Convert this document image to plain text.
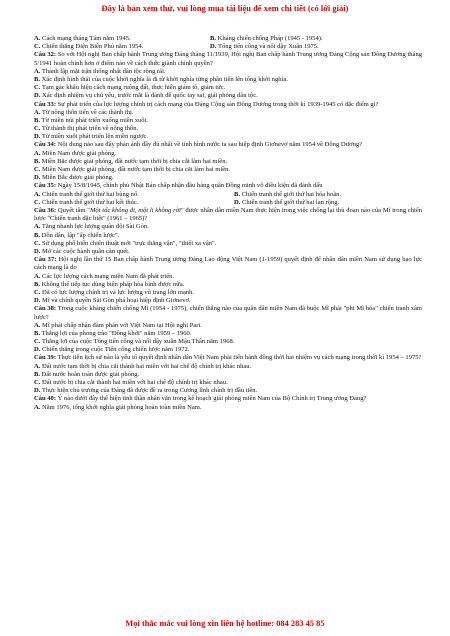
Đây là bản xem thử, vui lòng mua tài liệu để xem chi tiết (có lời giải)
A. Cách mạng tháng Tám năm 1945.	B. Kháng chiến chống Pháp (1945 - 1954).
C. Chiến thắng Điện Biên Phủ năm 1954.	D. Tổng tiến công và nổi dậy Xuân 1975.
Câu 32: So với Hội nghị Ban chấp hành Trung ương Đảng tháng 11/1939, Hội nghị Ban chấp hành Trung ương Đảng Cộng sản Đông Dương tháng 5/1941 hoàn chỉnh hơn ở điểm nào về cách thức giành chính quyền?
A. Thành lập mặt trận thống nhất dân tộc rộng rãi.
B. Xác định hình thái của cuộc khởi nghĩa là đi từ khởi nghĩa từng phần tiến lên tổng khởi nghĩa.
C. Tạm gác khẩu hiệu cách mạng ruộng đất, thực hiện giảm tô, giảm tức.
D. Xác định nhiệm vụ chủ yếu, trước mắt là đánh đế quốc tay sai, giải phóng dân tộc.
Câu 33: Sự phát triển của lực lượng chính trị cách mạng của Đảng Cộng sản Đông Dương trong thời kì 1939-1945 có đặc điểm gì?
A. Từ nông thôn tiến về các thành thị.
B. Từ miền núi phát triển xuống miền xuôi.
C. Từ thành thị phát triển về nông thôn.
D. Từ miền xuôi phát triển lên miền ngược.
Câu 34: Nội dung nào sau đây phản ánh đầy đủ nhất về tình hình nước ta sau hiệp định Giơnevơ năm 1954 về Đông Dương?
A. Miền Nam được giải phóng.
B. Miền Bắc được giải phóng, đất nước tạm thời bị chia cắt làm hai miền.
C. Miền Nam được giải phóng, đất nước tạm thời bị chia cắt làm hai miền.
D. Miền Bắc được giải phóng.
Câu 35: Ngày 15/8/1945, chính phủ Nhật Bản chấp nhận đầu hàng quân Đồng minh vô điều kiện đã đánh dấu
A. Chiến tranh thế giới thứ hai bùng nổ.	B. Chiến tranh thế giới thứ hai hòa hoãn.
C. Chiến tranh thế giới thứ hai kết thúc.	D. Chiến tranh thế giới thứ hai lan rộng.
Câu 36: Quyết tâm "Một tấc không đi, một li không rời" được nhân dân miền Nam thực hiện trong việc chống lại thủ đoạn nào của Mĩ trong chiến lược "Chiến tranh đặc biệt" (1961 – 1965)?
A. Tăng nhanh lực lượng quân đội Sài Gòn.
B. Dồn dân, lập "ấp chiến lược".
C. Sử dụng phổ biến chiến thuật mới "trực thăng vận", "thiết xa vận".
D. Mở các cuộc hành quân càn quét.
Câu 37: Hội nghị lần thứ 15 Ban chấp hành Trung ương Đảng Lao động Việt Nam (1-1959) quyết định để nhân dân miền Nam sử dụng bạo lực cách mạng là do
A. Các lực lượng cách mạng miền Nam đã phát triển.
B. Không thể tiếp tục dùng biện pháp hòa bình được nữa.
C. Đã có lực lượng chính trị và lực lượng vũ trang lớn mạnh.
D. Mĩ và chính quyền Sài Gòn phá hoại hiệp định Giơnevơ.
Câu 38: Trong cuộc kháng chiến chống Mĩ (1954 - 1975), chiến thắng nào của quân dân miền Nam đã buộc Mĩ phải "phi Mĩ hóa" chiến tranh xâm lược?
A. Mĩ phải chấp nhận đàm phán với Việt Nam tại Hội nghị Pari.
B. Thắng lợi của phong trào "Đồng khởi" năm 1959 – 1960.
C. Thắng lợi của cuộc Tổng tiến công và nổi dậy xuân Mậu Thân năm 1968.
D. Chiến thắng trong cuộc Tiến công chiến lược năm 1972.
Câu 39: Thực tiễn lịch sử nào là yếu tố quyết định nhân dân Việt Nam phải tiến hành đồng thời hai nhiệm vụ cách mạng trong thời kì 1954 – 1975?
A. Đất nước tạm thời bị chia cắt thành hai miền với hai chế độ chính trị khác nhau.
B. Đất nước hoàn toàn được giải phóng.
C. Đất nước bị chia cắt thành hai miền với hai chế độ chính trị khác nhau.
D. Thực hiện chủ trương của Đảng đã được đề ra trong Cương lĩnh chính trị đầu tiên.
Câu 40: Ý nào dưới đây thể hiện tinh thần nhân văn trong kế hoạch giải phóng miền Nam của Bộ Chính trị Trung ương Đảng?
A. Năm 1976, tổng khởi nghĩa giải phóng hoàn toàn miền Nam.
Mọi thắc mắc vui lòng xin liên hệ hotline: 084 283 45 85
